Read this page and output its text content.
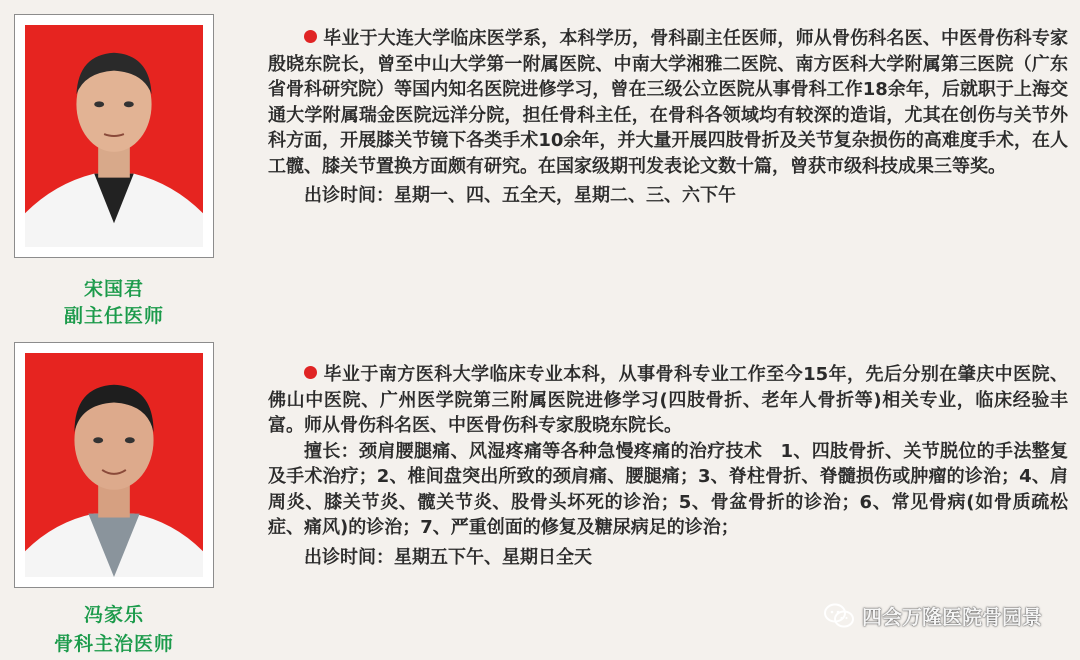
宋国君
副主任医师

毕业于大连大学临床医学系，本科学历，骨科副主任医师，师从骨伤科名医、中医骨伤科专家殷晓东院长，曾至中山大学第一附属医院、中南大学湘雅二医院、南方医科大学附属第三医院（广东省骨科研究院）等国内知名医院进修学习，曾在三级公立医院从事骨科工作18余年，后就职于上海交通大学附属瑞金医院远洋分院，担任骨科主任，在骨科各领域均有较深的造诣，尤其在创伤与关节外科方面，开展膝关节镜下各类手术10余年，并大量开展四肢骨折及关节复杂损伤的高难度手术，在人工髋、膝关节置换方面颇有研究。在国家级期刊发表论文数十篇，曾获市级科技成果三等奖。

出诊时间：星期一、四、五全天，星期二、三、六下午

冯家乐
骨科主治医师

毕业于南方医科大学临床专业本科，从事骨科专业工作至今15年，先后分别在肇庆中医院、佛山中医院、广州医学院第三附属医院进修学习(四肢骨折、老年人骨折等)相关专业，临床经验丰富。师从骨伤科名医、中医骨伤科专家殷晓东院长。

擅长：颈肩腰腿痛、风湿疼痛等各种急慢疼痛的治疗技术　1、四肢骨折、关节脱位的手法整复及手术治疗；2、椎间盘突出所致的颈肩痛、腰腿痛；3、脊柱骨折、脊髓损伤或肿瘤的诊治；4、肩周炎、膝关节炎、髋关节炎、股骨头坏死的诊治；5、骨盆骨折的诊治；6、常见骨病(如骨质疏松症、痛风)的诊治；7、严重创面的修复及糖尿病足的诊治；

出诊时间：星期五下午、星期日全天

四会万隆医院骨园景
